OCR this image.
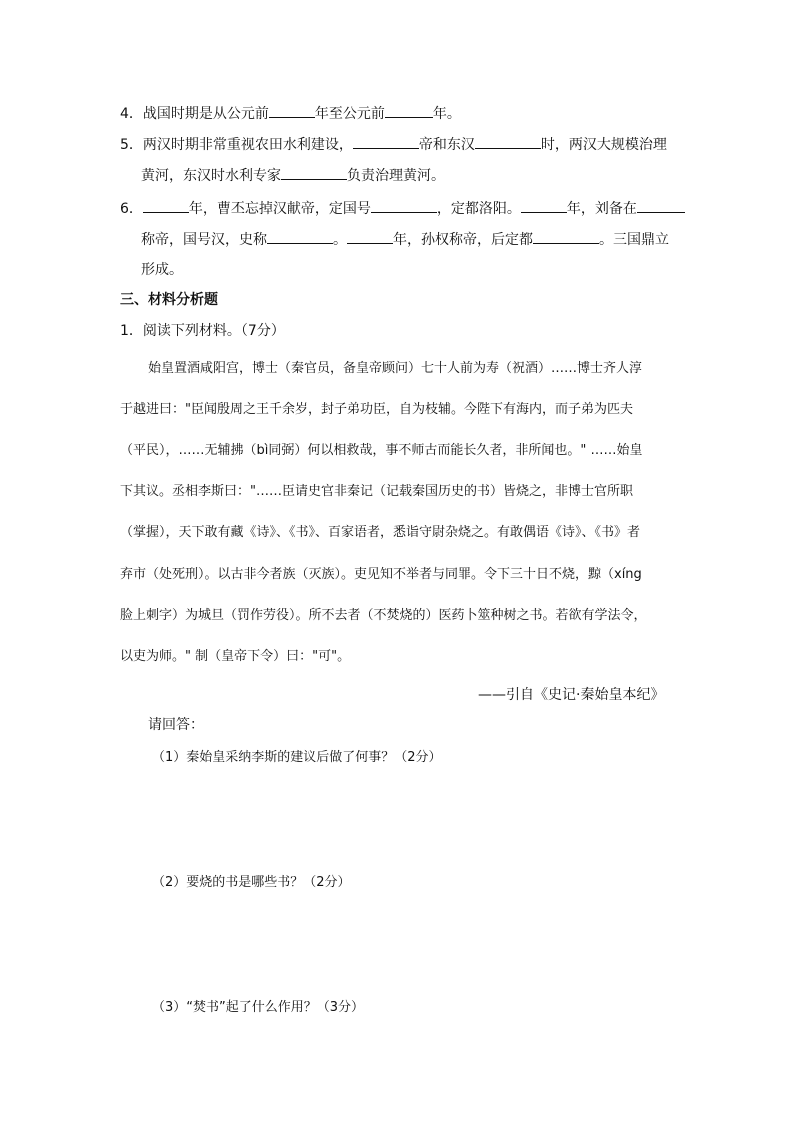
4．战国时期是从公元前	年至公元前	年。
5．两汉时期非常重视农田水利建设，	帝和东汉	时，两汉大规模治理
黄河，东汉时水利专家	负责治理黄河。
6．	年，曹丕忘掉汉献帝，定国号	，定都洛阳。	年，刘备在
称帝，国号汉，史称	。	年，孙权称帝，后定都	。三国鼎立
形成。
三、材料分析题
1．阅读下列材料。（7分）
始皇置酒咸阳宫，博士（秦官员，备皇帝顾问）七十人前为寿（祝酒）……博士齐人淳
于越进曰："臣闻殷周之王千余岁，封子弟功臣，自为枝辅。今陛下有海内，而子弟为匹夫
（平民），……无辅拂（bì同弼）何以相救哉，事不师古而能长久者，非所闻也。" ……始皇
下其议。丞相李斯曰："……臣请史官非秦记（记载秦国历史的书）皆烧之，非博士官所职
（掌握），天下敢有藏《诗》、《书》、百家语者，悉诣守尉杂烧之。有敢偶语《诗》、《书》者
弃市（处死刑）。以古非今者族（灭族）。吏见知不举者与同罪。令下三十日不烧，黥（xíng
脸上刺字）为城旦（罚作劳役）。所不去者（不焚烧的）医药卜筮种树之书。若欲有学法令，
以吏为师。" 制（皇帝下令）曰："可"。
——引自《史记·秦始皇本纪》
请回答：
（1）秦始皇采纳李斯的建议后做了何事？（2分）
（2）要烧的书是哪些书？（2分）
（3）“焚书”起了什么作用？（3分）
